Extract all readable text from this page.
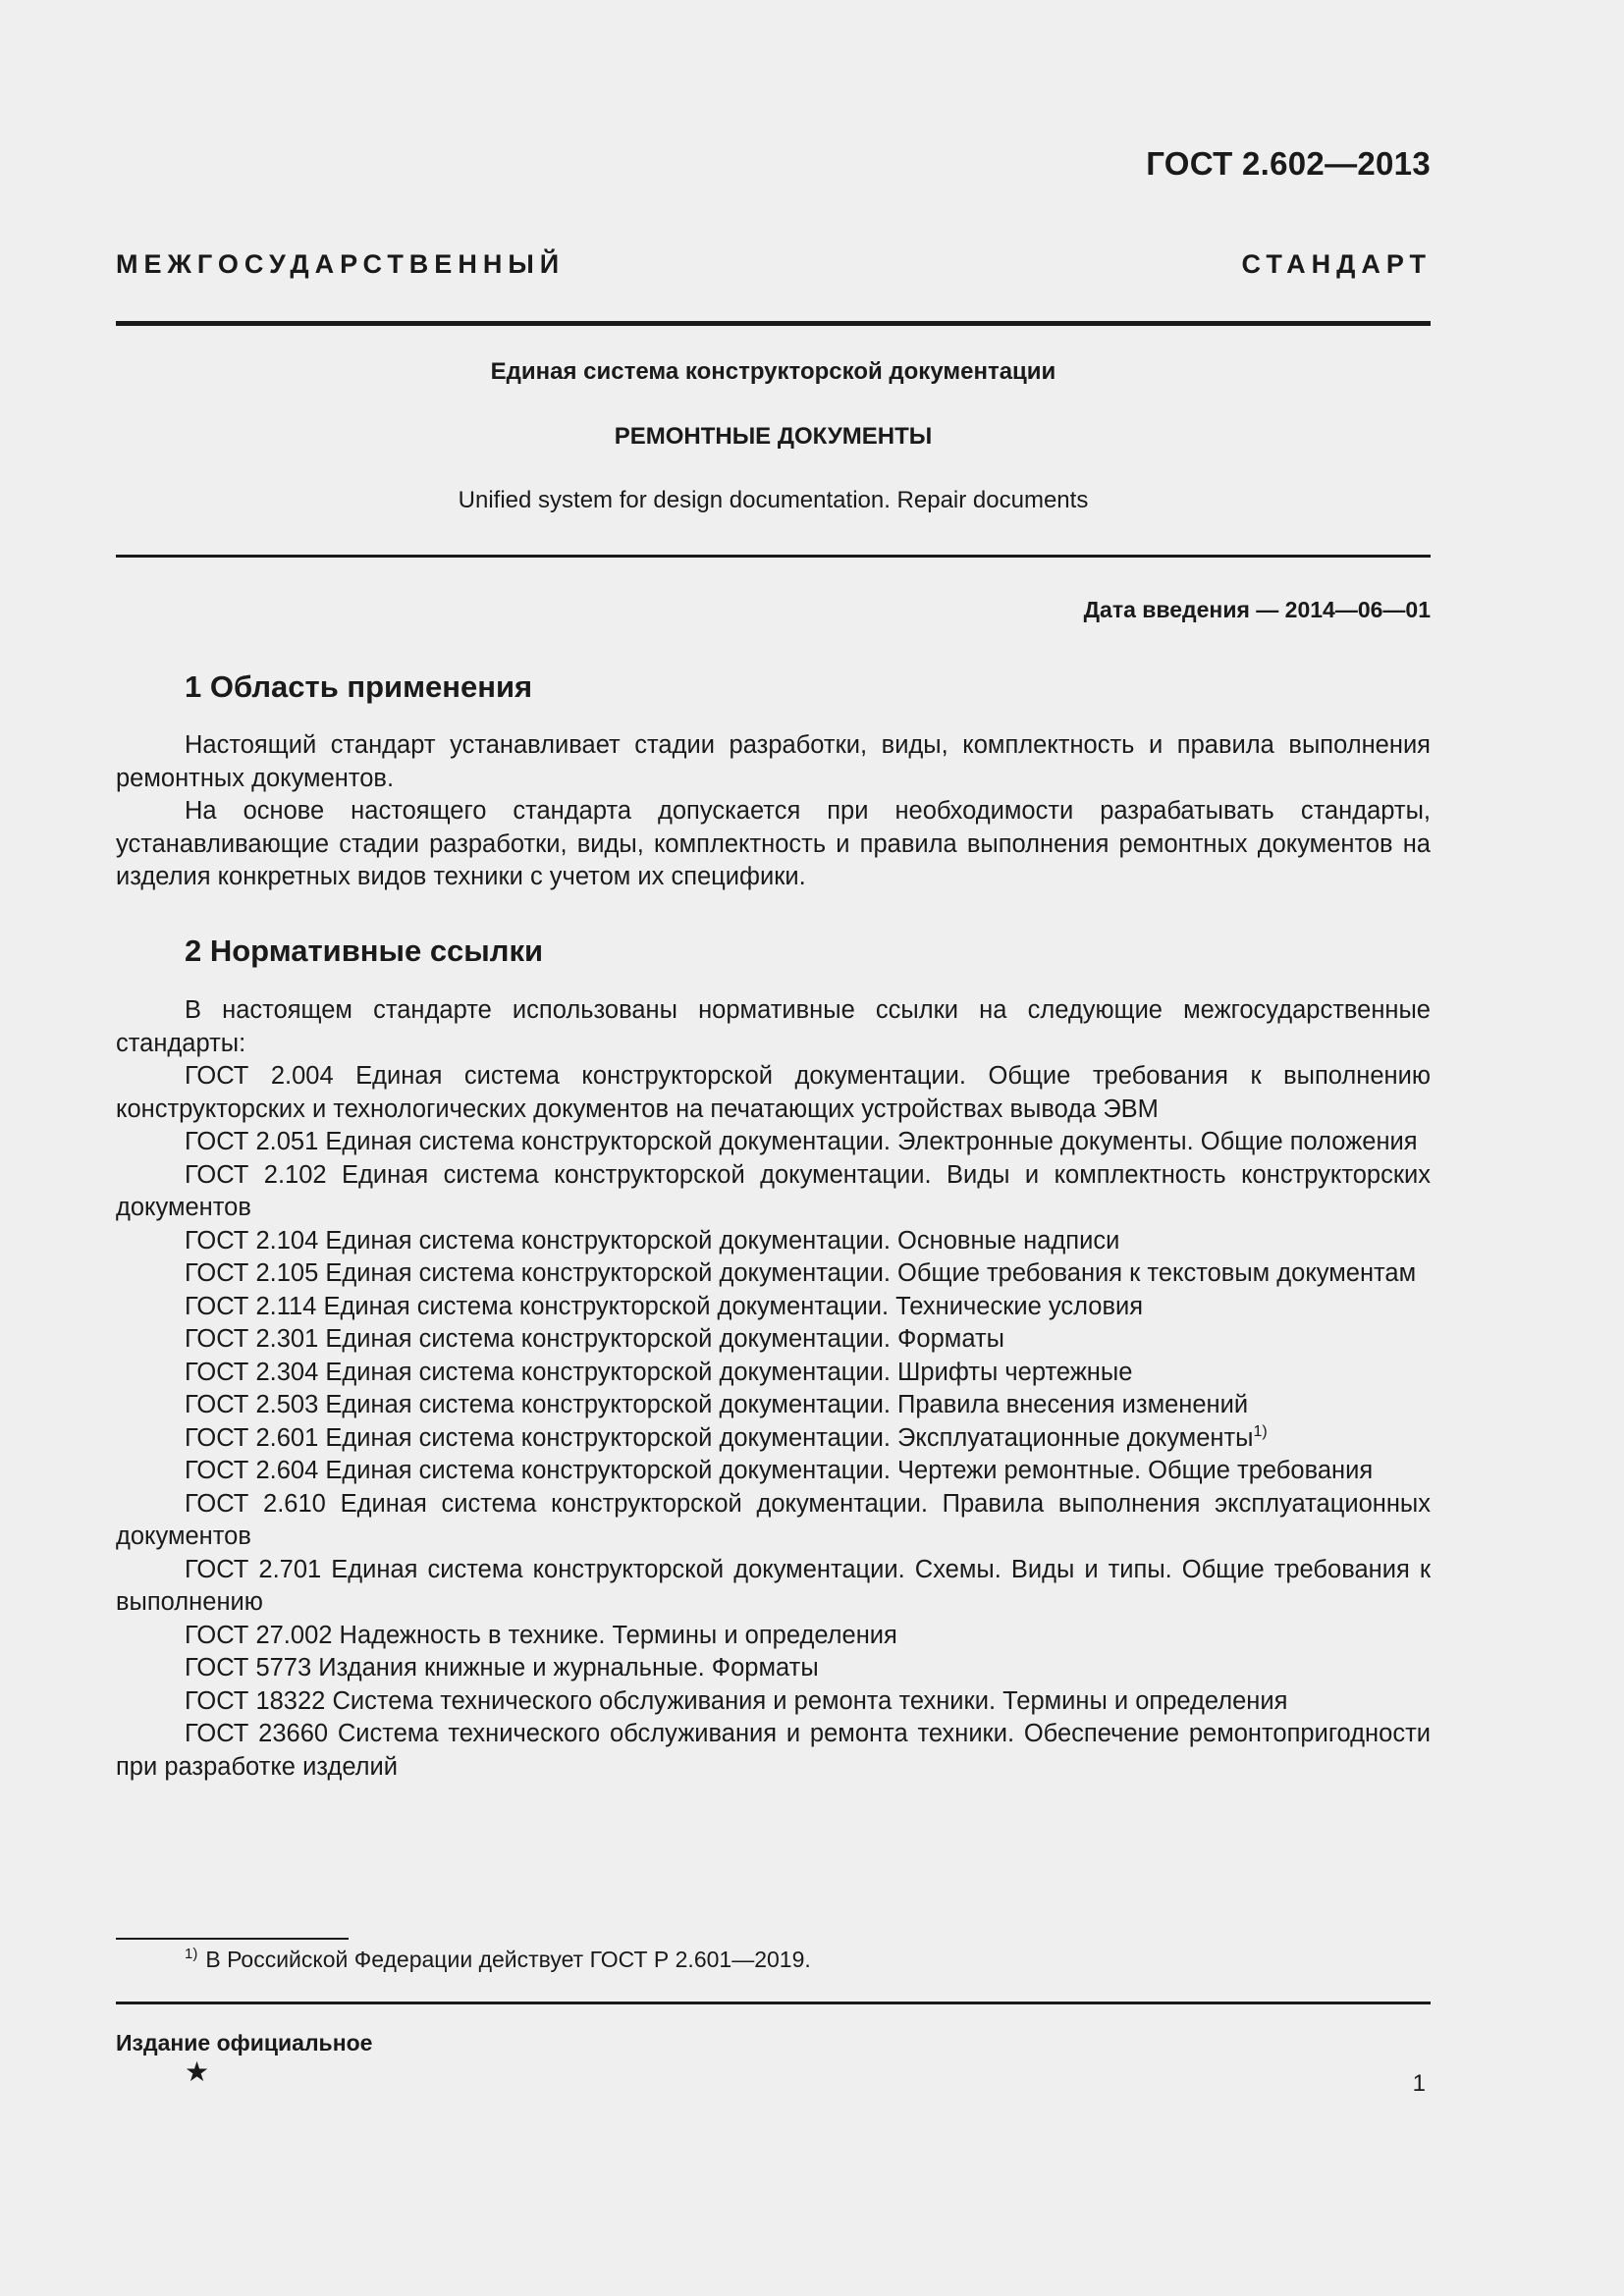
ГОСТ 2.602—2013
МЕЖГОСУДАРСТВЕННЫЙ СТАНДАРТ
Единая система конструкторской документации
РЕМОНТНЫЕ ДОКУМЕНТЫ
Unified system for design documentation. Repair documents
Дата введения — 2014—06—01
1 Область применения

Настоящий стандарт устанавливает стадии разработки, виды, комплектность и правила выполнения ремонтных документов.

На основе настоящего стандарта допускается при необходимости разрабатывать стандарты, устанавливающие стадии разработки, виды, комплектность и правила выполнения ремонтных документов на изделия конкретных видов техники с учетом их специфики.

2 Нормативные ссылки

В настоящем стандарте использованы нормативные ссылки на следующие межгосударственные стандарты:

ГОСТ 2.004 Единая система конструкторской документации. Общие требования к выполнению конструкторских и технологических документов на печатающих устройствах вывода ЭВМ

ГОСТ 2.051 Единая система конструкторской документации. Электронные документы. Общие положения

ГОСТ 2.102 Единая система конструкторской документации. Виды и комплектность конструкторских документов

ГОСТ 2.104 Единая система конструкторской документации. Основные надписи

ГОСТ 2.105 Единая система конструкторской документации. Общие требования к текстовым документам

ГОСТ 2.114 Единая система конструкторской документации. Технические условия

ГОСТ 2.301 Единая система конструкторской документации. Форматы

ГОСТ 2.304 Единая система конструкторской документации. Шрифты чертежные

ГОСТ 2.503 Единая система конструкторской документации. Правила внесения изменений

ГОСТ 2.601 Единая система конструкторской документации. Эксплуатационные документы$^{1)}$

ГОСТ 2.604 Единая система конструкторской документации. Чертежи ремонтные. Общие требования

ГОСТ 2.610 Единая система конструкторской документации. Правила выполнения эксплуатационных документов

ГОСТ 2.701 Единая система конструкторской документации. Схемы. Виды и типы. Общие требования к выполнению

ГОСТ 27.002 Надежность в технике. Термины и определения

ГОСТ 5773 Издания книжные и журнальные. Форматы

ГОСТ 18322 Система технического обслуживания и ремонта техники. Термины и определения

ГОСТ 23660 Система технического обслуживания и ремонта техники. Обеспечение ремонтопригодности при разработке изделий

$^{1)}$ В Российской Федерации действует ГОСТ Р 2.601—2019.
Издание официальное
★	1
